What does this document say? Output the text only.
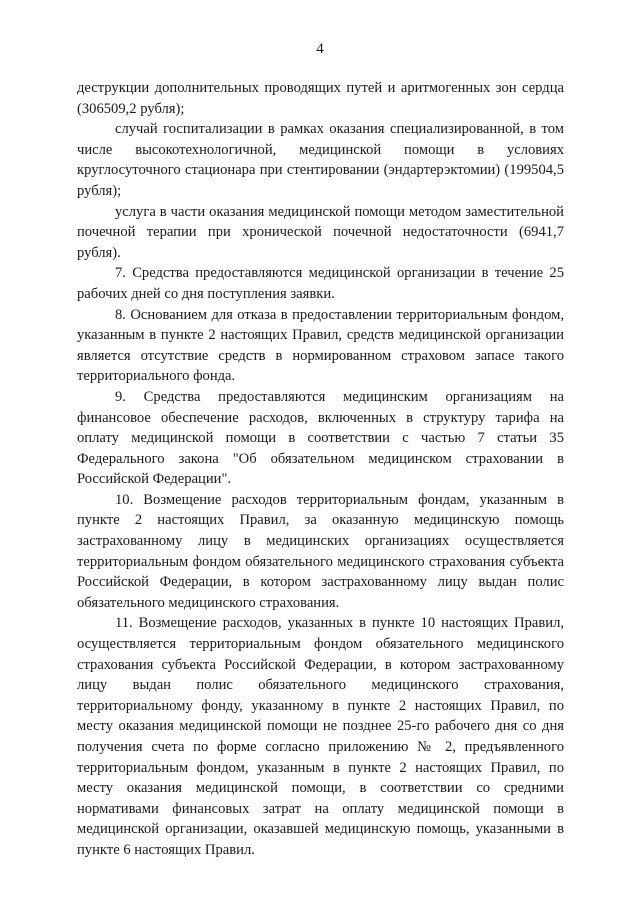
4

деструкции дополнительных проводящих путей и аритмогенных зон сердца (306509,2 рубля);

случай госпитализации в рамках оказания специализированной, в том числе высокотехнологичной, медицинской помощи в условиях круглосуточного стационара при стентировании (эндартерэктомии) (199504,5 рубля);

услуга в части оказания медицинской помощи методом заместительной почечной терапии при хронической почечной недостаточности (6941,7 рубля).

7. Средства предоставляются медицинской организации в течение 25 рабочих дней со дня поступления заявки.

8. Основанием для отказа в предоставлении территориальным фондом, указанным в пункте 2 настоящих Правил, средств медицинской организации является отсутствие средств в нормированном страховом запасе такого территориального фонда.

9. Средства предоставляются медицинским организациям на финансовое обеспечение расходов, включенных в структуру тарифа на оплату медицинской помощи в соответствии с частью 7 статьи 35 Федерального закона "Об обязательном медицинском страховании в Российской Федерации".

10. Возмещение расходов территориальным фондам, указанным в пункте 2 настоящих Правил, за оказанную медицинскую помощь застрахованному лицу в медицинских организациях осуществляется территориальным фондом обязательного медицинского страхования субъекта Российской Федерации, в котором застрахованному лицу выдан полис обязательного медицинского страхования.

11. Возмещение расходов, указанных в пункте 10 настоящих Правил, осуществляется территориальным фондом обязательного медицинского страхования субъекта Российской Федерации, в котором застрахованному лицу выдан полис обязательного медицинского страхования, территориальному фонду, указанному в пункте 2 настоящих Правил, по месту оказания медицинской помощи не позднее 25-го рабочего дня со дня получения счета по форме согласно приложению № 2, предъявленного территориальным фондом, указанным в пункте 2 настоящих Правил, по месту оказания медицинской помощи, в соответствии со средними нормативами финансовых затрат на оплату медицинской помощи в медицинской организации, оказавшей медицинскую помощь, указанными в пункте 6 настоящих Правил.
